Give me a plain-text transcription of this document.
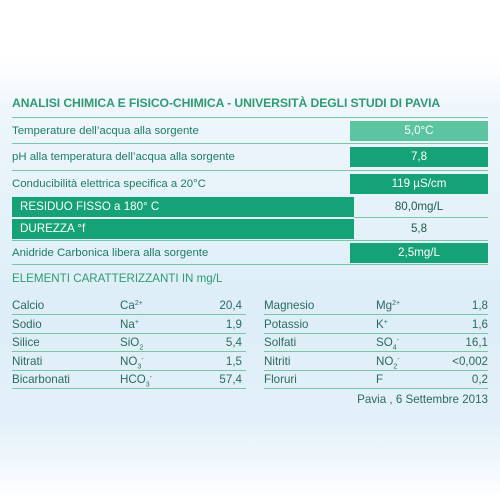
ANALISI CHIMICA E FISICO-CHIMICA - UNIVERSITÀ DEGLI STUDI DI PAVIA
Temperature dell’acqua alla sorgente	5,0°C
pH alla temperatura dell’acqua alla sorgente	7,8
Conducibilità elettrica specifica a 20°C	119 µS/cm
RESIDUO FISSO a 180° C	80,0mg/L
DUREZZA °f	5,8
Anidride Carbonica libera alla sorgente	2,5mg/L
ELEMENTI CARATTERIZZANTI IN mg/L
Calcio	$Ca^{2+}$	20,4
Sodio	Na+	1,9
Silice	SiO$_2$	5,4
Nitrati	$NO_3^-$	1,5
Bicarbonati	$HCO_3^-$	57,4
Magnesio	$Mg^{2+}$	1,8
Potassio	K+	1,6
Solfati	$SO_4^-$	16,1
Nitriti	$NO_2^-$	<0,002
Floruri	F	0,2
Pavia , 6 Settembre 2013
